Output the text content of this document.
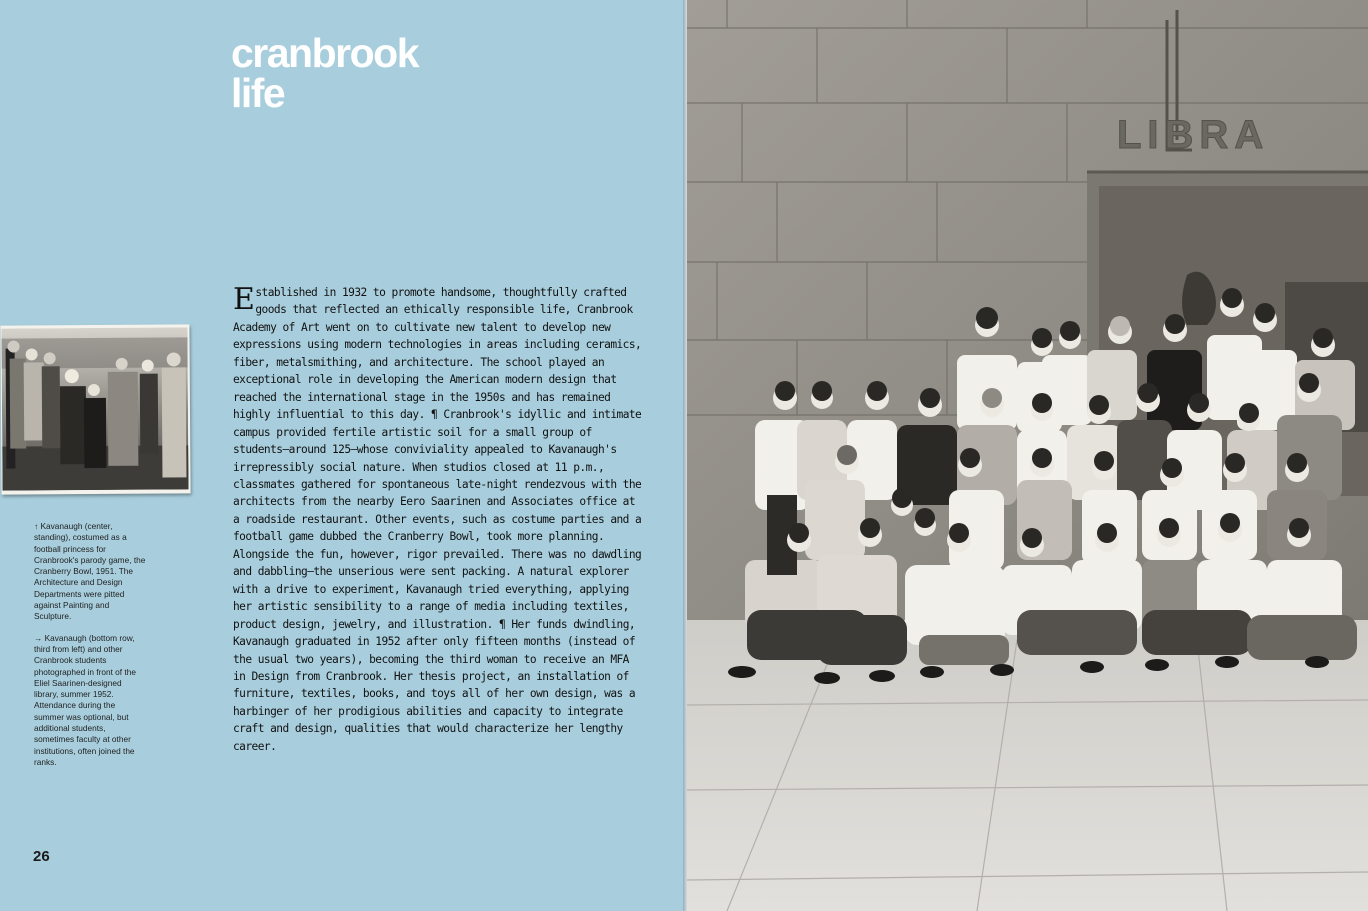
cranbrook
life

↑ Kavanaugh (center, standing), costumed as a football princess for Cranbrook's parody game, the Cranberry Bowl, 1951. The Architecture and Design Departments were pitted against Painting and Sculpture.

→ Kavanaugh (bottom row, third from left) and other Cranbrook students photographed in front of the Eliel Saarinen-designed library, summer 1952. Attendance during the summer was optional, but additional students, sometimes faculty at other institutions, often joined the ranks.

26

Established in 1932 to promote handsome, thoughtfully crafted goods that reflected an ethically responsible life, Cranbrook Academy of Art went on to cultivate new talent to develop new expressions using modern technologies in areas including ceramics, fiber, metalsmithing, and architecture. The school played an exceptional role in developing the American modern design that reached the international stage in the 1950s and has remained highly influential to this day. ¶ Cranbrook's idyllic and intimate campus provided fertile artistic soil for a small group of students—around 125—whose conviviality appealed to Kavanaugh's irrepressibly social nature. When studios closed at 11 p.m., classmates gathered for spontaneous late-night rendezvous with the architects from the nearby Eero Saarinen and Associates office at a roadside restaurant. Other events, such as costume parties and a football game dubbed the Cranberry Bowl, took more planning. Alongside the fun, however, rigor prevailed. There was no dawdling and dabbling—the unserious were sent packing. A natural explorer with a drive to experiment, Kavanaugh tried everything, applying her artistic sensibility to a range of media including textiles, product design, jewelry, and illustration. ¶ Her funds dwindling, Kavanaugh graduated in 1952 after only fifteen months (instead of the usual two years), becoming the third woman to receive an MFA in Design from Cranbrook. Her thesis project, an installation of furniture, textiles, books, and toys all of her own design, was a harbinger of her prodigious abilities and capacity to integrate craft and design, qualities that would characterize her lengthy career.

LIBRA
